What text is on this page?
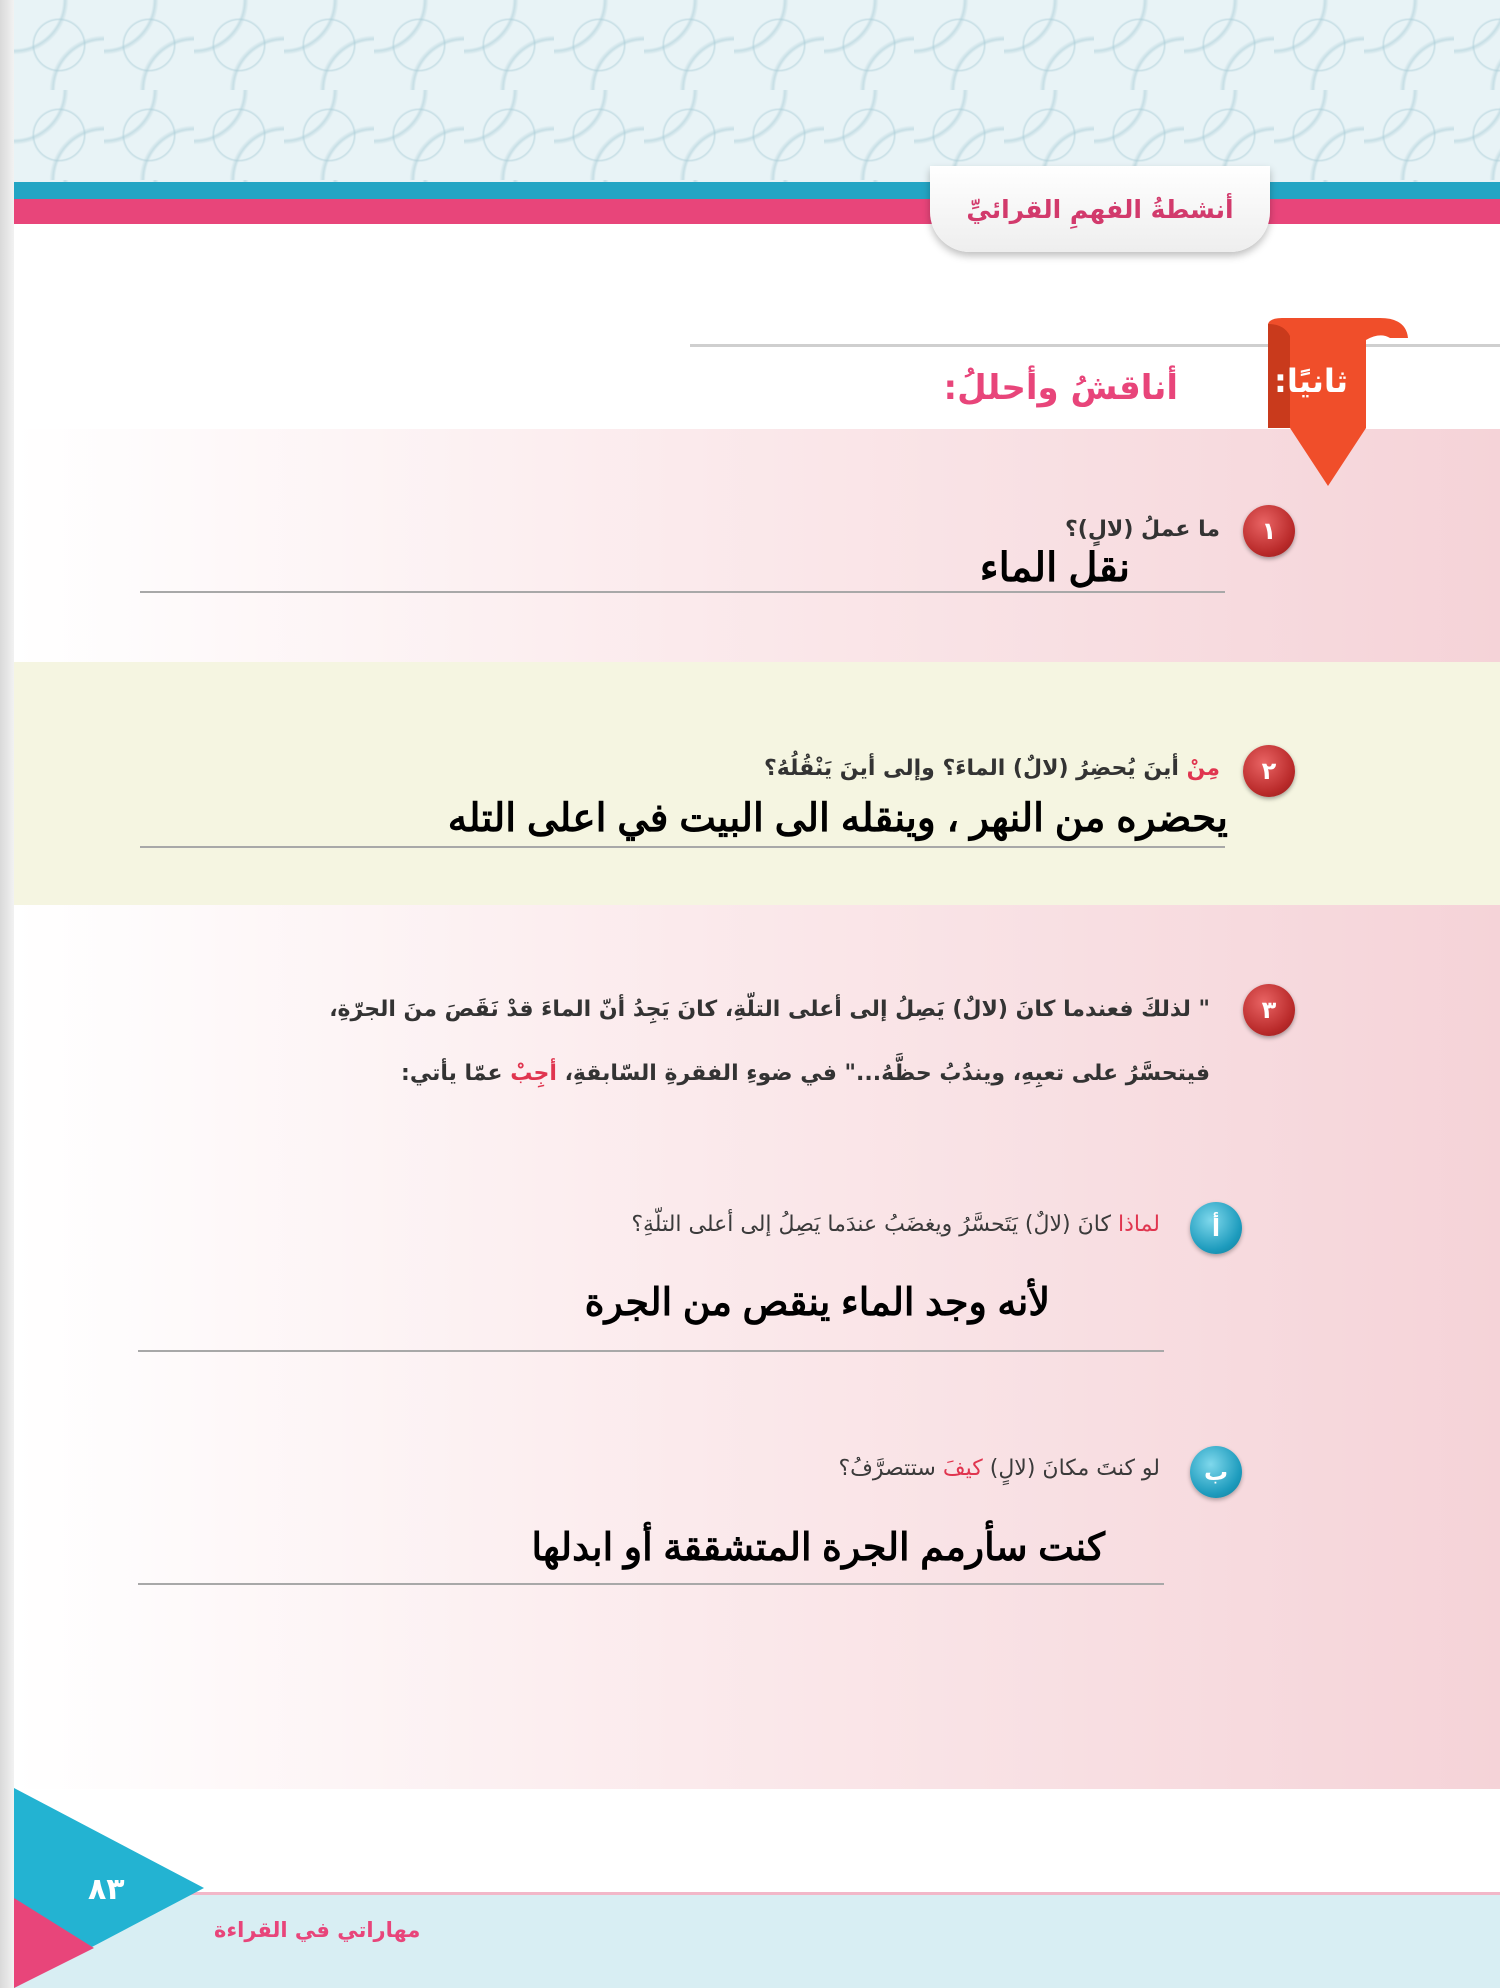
أنشطةُ الفهمِ القرائيِّ
ثانيًا:
أناقشُ وأحللُ:
١
ما عملُ (لالٍ)؟
نقل الماء
٢
مِنْ أينَ يُحضِرُ (لالٌ) الماءَ؟ وإلى أينَ يَنْقُلُهُ؟
يحضره من النهر ، وينقله الى البيت في اعلى التله
٣
" لذلكَ فعندما كانَ (لالٌ) يَصِلُ إلى أعلى التلّةِ، كانَ يَجِدُ أنّ الماءَ قدْ نَقَصَ منَ الجرّةِ،
فيتحسَّرُ على تعبِهِ، ويندُبُ حظَّهُ..." في ضوءِ الفقرةِ السّابقةِ، أجِبْ عمّا يأتي:
أ
لماذا كانَ (لالٌ) يَتَحسَّرُ ويغضَبُ عندَما يَصِلُ إلى أعلى التلّةِ؟
لأنه وجد الماء ينقص من الجرة
ب
لو كنتَ مكانَ (لالٍ) كيفَ ستتصرَّفُ؟
كنت سأرمم الجرة المتشققة أو ابدلها
٨٣
مهاراتي في القراءة
